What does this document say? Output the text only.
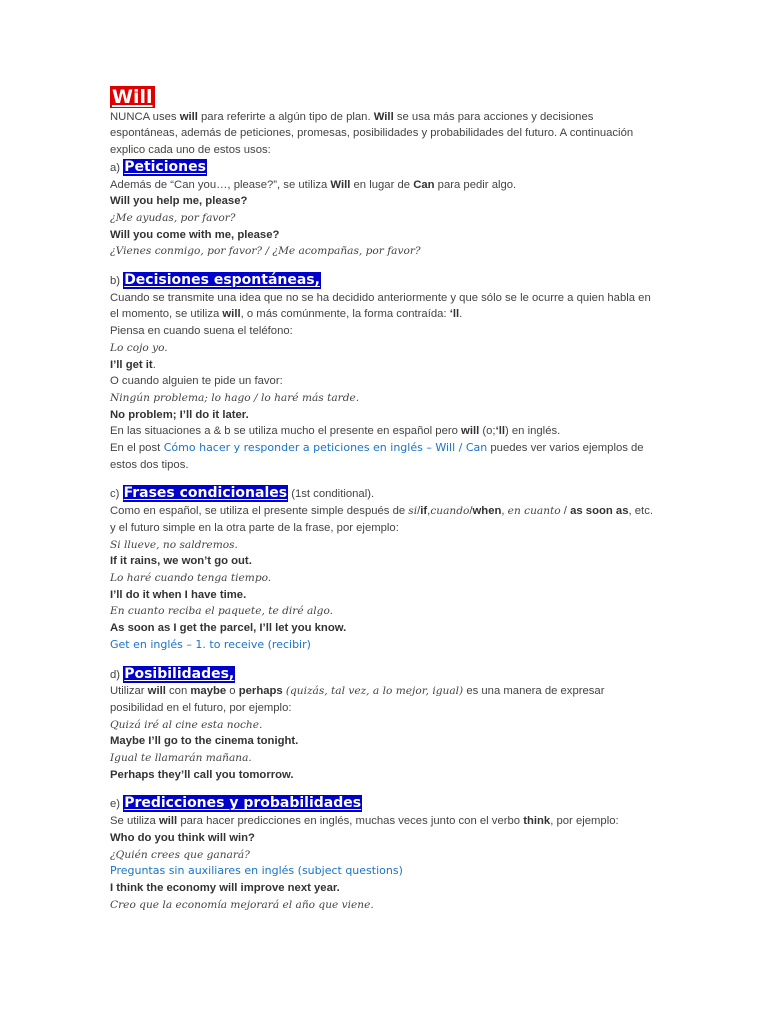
Will

NUNCA uses will para referirte a algún tipo de plan. Will se usa más para acciones y decisiones espontáneas, además de peticiones, promesas, posibilidades y probabilidades del futuro. A continuación explico cada uno de estos usos:

a) Peticiones

Además de “Can you…, please?”, se utiliza Will en lugar de Can para pedir algo.

Will you help me, please?

¿Me ayudas, por favor?

Will you come with me, please?

¿Vienes conmigo, por favor? / ¿Me acompañas, por favor?

b) Decisiones espontáneas,

Cuando se transmite una idea que no se ha decidido anteriormente y que sólo se le ocurre a quien habla en el momento, se utiliza will, o más comúnmente, la forma contraída: ‘ll.

Piensa en cuando suena el teléfono:

Lo cojo yo.

I’ll get it.

O cuando alguien te pide un favor:

Ningún problema; lo hago / lo haré más tarde.

No problem; I’ll do it later.

En las situaciones a & b se utiliza mucho el presente en español pero will (o;‘ll) en inglés.

En el post Cómo hacer y responder a peticiones en inglés – Will / Can puedes ver varios ejemplos de estos dos tipos.

c) Frases condicionales (1st conditional).

Como en español, se utiliza el presente simple después de si/if,cuando/when, en cuanto / as soon as, etc. y el futuro simple en la otra parte de la frase, por ejemplo:

Si llueve, no saldremos.

If it rains, we won’t go out.

Lo haré cuando tenga tiempo.

I’ll do it when I have time.

En cuanto reciba el paquete, te diré algo.

As soon as I get the parcel, I’ll let you know.

Get en inglés – 1. to receive (recibir)

d) Posibilidades,

Utilizar will con maybe o perhaps (quizás, tal vez, a lo mejor, igual) es una manera de expresar posibilidad en el futuro, por ejemplo:

Quizá iré al cine esta noche.

Maybe I’ll go to the cinema tonight.

Igual te llamarán mañana.

Perhaps they’ll call you tomorrow.

e) Predicciones y probabilidades

Se utiliza will para hacer predicciones en inglés, muchas veces junto con el verbo think, por ejemplo:

Who do you think will win?

¿Quién crees que ganará?

Preguntas sin auxiliares en inglés (subject questions)

I think the economy will improve next year.

Creo que la economía mejorará el año que viene.
